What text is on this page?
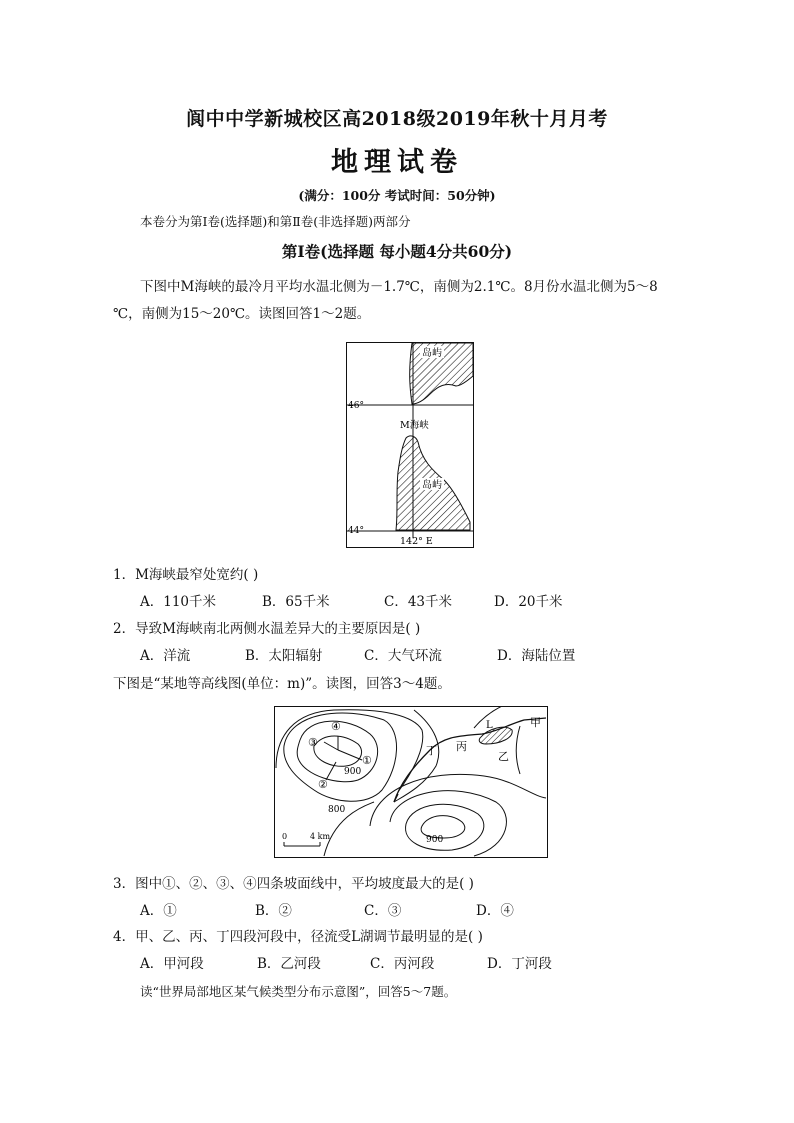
阆中中学新城校区高2018级2019年秋十月月考
地理试卷
(满分：100分 考试时间：50分钟)
本卷分为第Ⅰ卷(选择题)和第Ⅱ卷(非选择题)两部分
第Ⅰ卷(选择题 每小题4分共60分)
下图中M海峡的最冷月平均水温北侧为－1.7℃，南侧为2.1℃。8月份水温北侧为5～8
℃，南侧为15～20℃。读图回答1～2题。
岛屿
岛屿
M海峡
46°
44°
142° E
1．M海峡最窄处宽约( )
A．110千米	B．65千米	C．43千米	D．20千米
2．导致M海峡南北两侧水温差异大的主要原因是( )
A．洋流	B．太阳辐射	C．大气环流	D．海陆位置
下图是“某地等高线图(单位：m)”。读图，回答3～4题。
④
③
①
②
900
800
900
L	甲
乙
丙
丁
0	4 km
3．图中①、②、③、④四条坡面线中，平均坡度最大的是( )
A．①	B．②	C．③	D．④
4．甲、乙、丙、丁四段河段中，径流受L湖调节最明显的是( )
A．甲河段	B．乙河段	C．丙河段	D．丁河段
读“世界局部地区某气候类型分布示意图”，回答5～7题。
